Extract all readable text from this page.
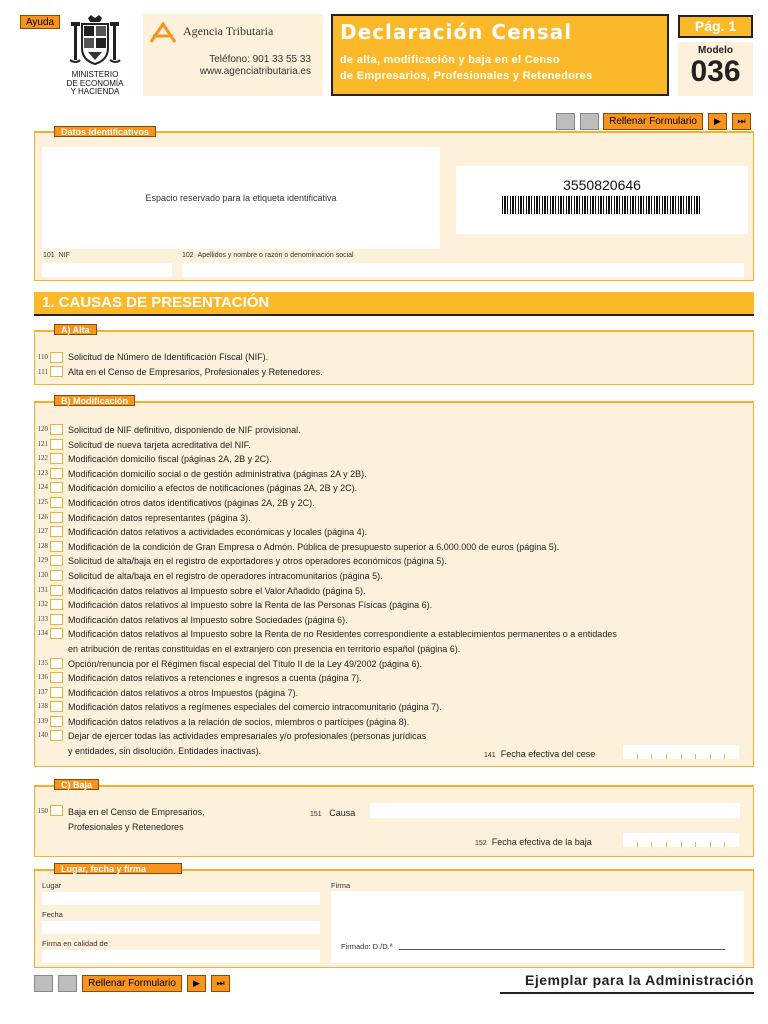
Ayuda
MINISTERIO
DE ECONOMÍA
Y HACIENDA
Agencia Tributaria
Teléfono: 901 33 55 33
www.agenciatributaria.es
Declaración Censal
de alta, modificación y baja en el Censo
de Empresarios, Profesionales y Retenedores
Pág. 1
Modelo
036
Rellenar Formulario	▶ ⏭
Datos identificativos
Espacio reservado para la etiqueta identificativa
3550820646
101 NIF	102 Apellidos y nombre o razón o denominación social
1. CAUSAS DE PRESENTACIÓN
A) Alta
110 Solicitud de Número de Identificación Fiscal (NIF).
111 Alta en el Censo de Empresarios, Profesionales y Retenedores.
B) Modificación
120 Solicitud de NIF definitivo, disponiendo de NIF provisional.
121 Solicitud de nueva tarjeta acreditativa del NIF.
122 Modificación domicilio fiscal (páginas 2A, 2B y 2C).
123 Modificación domicilio social o de gestión administrativa (páginas 2A y 2B).
124 Modificación domicilio a efectos de notificaciones (páginas 2A, 2B y 2C).
125 Modificación otros datos identificativos (páginas 2A, 2B y 2C).
126 Modificación datos representantes (página 3).
127 Modificación datos relativos a actividades económicas y locales (página 4).
128 Modificación de la condición de Gran Empresa o Admón. Pública de presupuesto superior a 6.000.000 de euros (página 5).
129 Solicitud de alta/baja en el registro de exportadores y otros operadores económicos (página 5).
130 Solicitud de alta/baja en el registro de operadores intracomunitarios (página 5).
131 Modificación datos relativos al Impuesto sobre el Valor Añadido (página 5).
132 Modificación datos relativos al Impuesto sobre la Renta de las Personas Físicas (página 6).
133 Modificación datos relativos al Impuesto sobre Sociedades (página 6).
134 Modificación datos relativos al Impuesto sobre la Renta de no Residentes correspondiente a establecimientos permanentes o a entidades
en atribución de rentas constituidas en el extranjero con presencia en territorio español (página 6).
135 Opción/renuncia por el Régimen fiscal especial del Título II de la Ley 49/2002 (página 6).
136 Modificación datos relativos a retenciones e ingresos a cuenta (página 7).
137 Modificación datos relativos a otros Impuestos (página 7).
138 Modificación datos relativos a regímenes especiales del comercio intracomunitario (página 7).
139 Modificación datos relativos a la relación de socios, miembros o partícipes (página 8).
140 Dejar de ejercer todas las actividades empresariales y/o profesionales (personas jurídicas
y entidades, sin disolución. Entidades inactivas).	141 Fecha efectiva del cese
C) Baja
150 Baja en el Censo de Empresarios,
Profesionales y Retenedores
151 Causa
152 Fecha efectiva de la baja
Lugar, fecha y firma
Lugar
Fecha
Firma en calidad de
Firma
Firmado: D./D.ª
Rellenar Formulario	▶ ⏭	Ejemplar para la Administración
